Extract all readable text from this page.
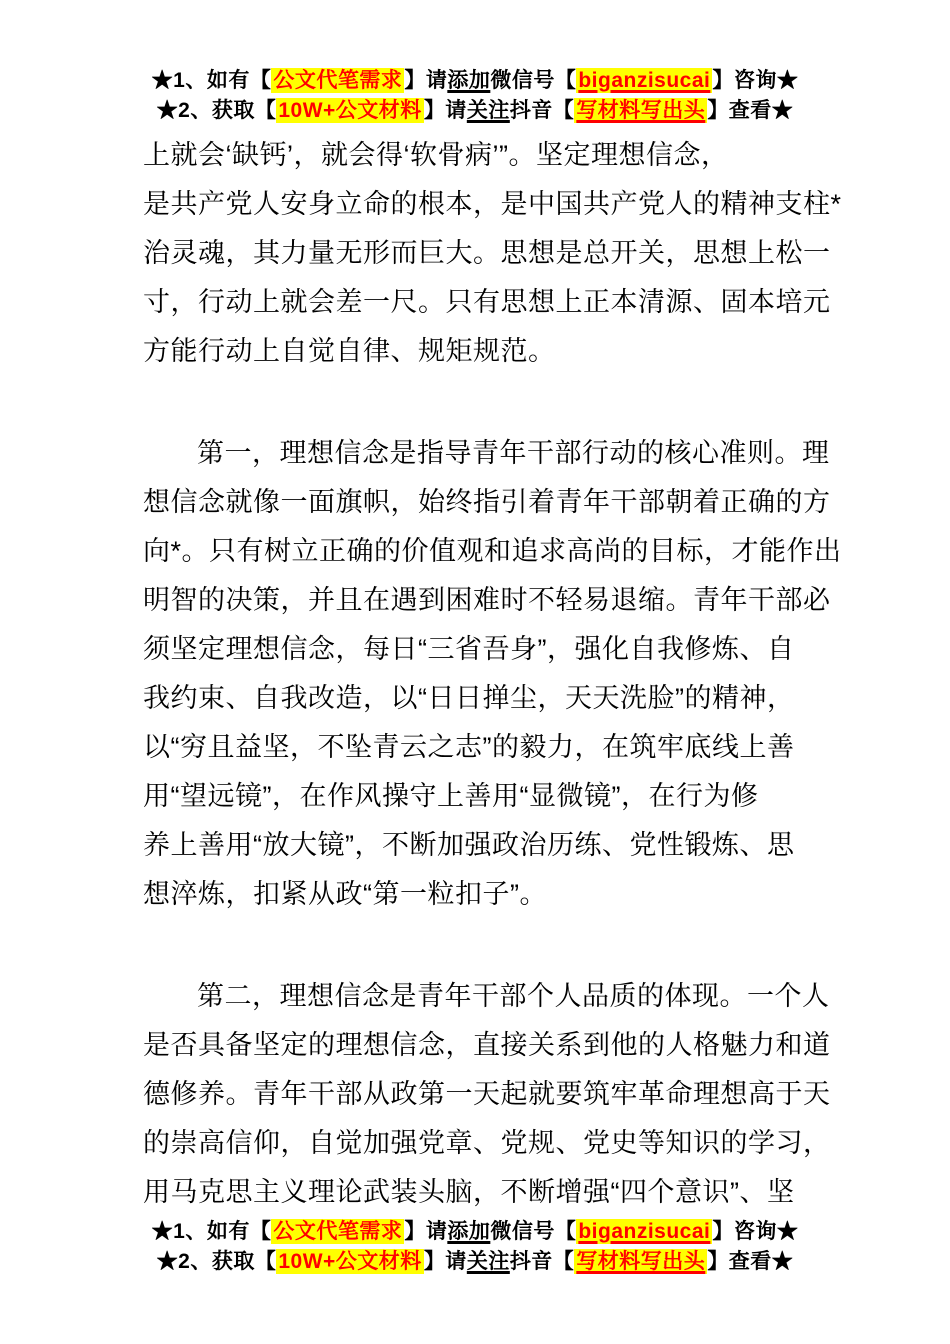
★1、如有【公文代笔需求】请添加微信号【biganzisucai】咨询★
★2、获取【10W+公文材料】请关注抖音【写材料写出头】查看★
上就会‘缺钙’，就会得‘软骨病’”。坚定理想信念，
是共产党人安身立命的根本，是中国共产党人的精神支柱*
治灵魂，其力量无形而巨大。思想是总开关，思想上松一
寸，行动上就会差一尺。只有思想上正本清源、固本培元
方能行动上自觉自律、规矩规范。
第一，理想信念是指导青年干部行动的核心准则。理
想信念就像一面旗帜，始终指引着青年干部朝着正确的方
向*。只有树立正确的价值观和追求高尚的目标，才能作出
明智的决策，并且在遇到困难时不轻易退缩。青年干部必
须坚定理想信念，每日“三省吾身”，强化自我修炼、自
我约束、自我改造，以“日日掸尘，天天洗脸”的精神，
以“穷且益坚，不坠青云之志”的毅力，在筑牢底线上善
用“望远镜”，在作风操守上善用“显微镜”，在行为修
养上善用“放大镜”，不断加强政治历练、党性锻炼、思
想淬炼，扣紧从政“第一粒扣子”。
第二，理想信念是青年干部个人品质的体现。一个人
是否具备坚定的理想信念，直接关系到他的人格魅力和道
德修养。青年干部从政第一天起就要筑牢革命理想高于天
的崇高信仰，自觉加强党章、党规、党史等知识的学习，
用马克思主义理论武装头脑，不断增强“四个意识”、坚
★1、如有【公文代笔需求】请添加微信号【biganzisucai】咨询★
★2、获取【10W+公文材料】请关注抖音【写材料写出头】查看★
